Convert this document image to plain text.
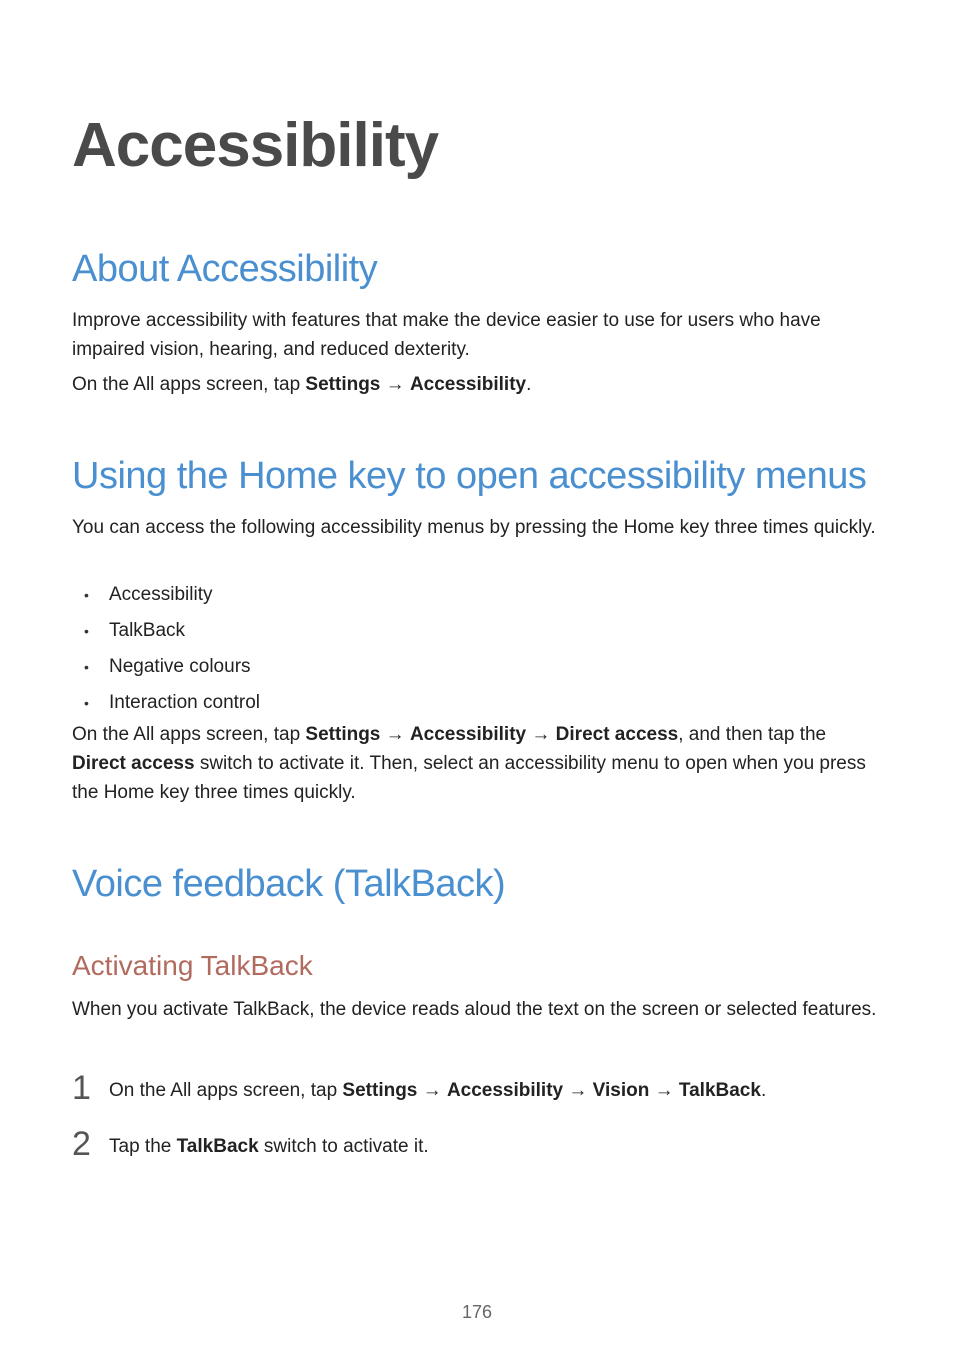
Accessibility
About Accessibility

Improve accessibility with features that make the device easier to use for users who have impaired vision, hearing, and reduced dexterity.

On the All apps screen, tap Settings → Accessibility.

Using the Home key to open accessibility menus

You can access the following accessibility menus by pressing the Home key three times quickly.

• Accessibility
• TalkBack
• Negative colours
• Interaction control

On the All apps screen, tap Settings → Accessibility → Direct access, and then tap the Direct access switch to activate it. Then, select an accessibility menu to open when you press the Home key three times quickly.

Voice feedback (TalkBack)
Activating TalkBack

When you activate TalkBack, the device reads aloud the text on the screen or selected features.

1 On the All apps screen, tap Settings → Accessibility → Vision → TalkBack.
2 Tap the TalkBack switch to activate it.
176
